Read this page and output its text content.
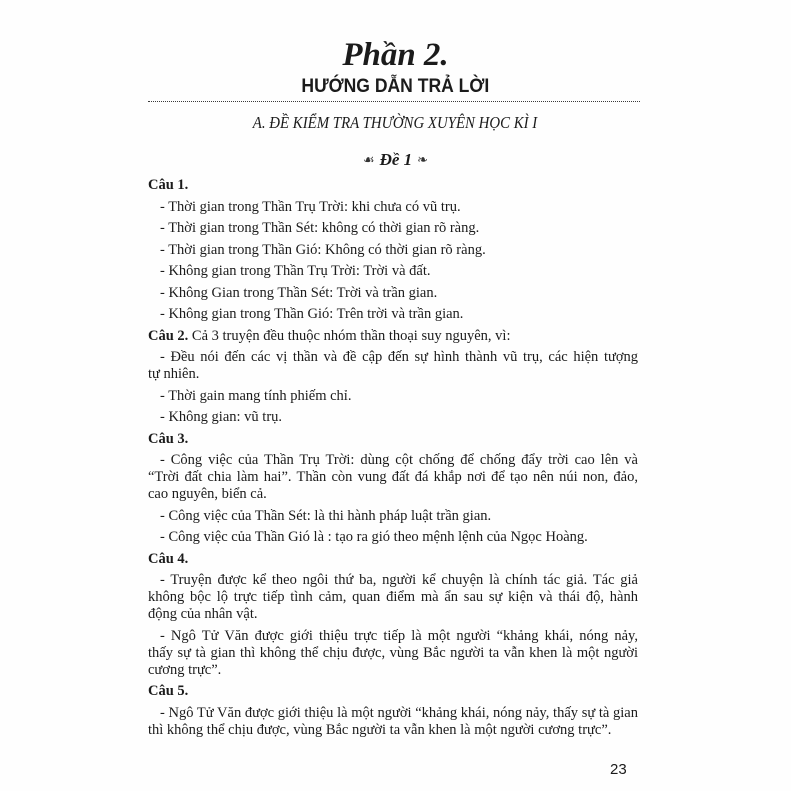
Phần 2.
HƯỚNG DẪN TRẢ LỜI
A. ĐỀ KIỂM TRA THƯỜNG XUYÊN HỌC KÌ I
☙Đề 1❧
Câu 1.
- Thời gian trong Thần Trụ Trời: khi chưa có vũ trụ.
- Thời gian trong Thần Sét: không có thời gian rõ ràng.
- Thời gian trong Thần Gió: Không có thời gian rõ ràng.
- Không gian trong Thần Trụ Trời: Trời và đất.
- Không Gian trong Thần Sét: Trời và trần gian.
- Không gian trong Thần Gió: Trên trời và trần gian.
Câu 2. Cả 3 truyện đều thuộc nhóm thần thoại suy nguyên, vì:
- Đều nói đến các vị thần và đề cập đến sự hình thành vũ trụ, các hiện tượng
tự nhiên.
- Thời gain mang tính phiếm chỉ.
- Không gian: vũ trụ.
Câu 3.
- Công việc của Thần Trụ Trời: dùng cột chống để chống đẩy trời cao lên và
“Trời đất chia làm hai”. Thần còn vung đất đá khắp nơi để tạo nên núi non, đảo,
cao nguyên, biển cả.
- Công việc của Thần Sét: là thi hành pháp luật trần gian.
- Công việc của Thần Gió là : tạo ra gió theo mệnh lệnh của Ngọc Hoàng.
Câu 4.
- Truyện được kể theo ngôi thứ ba, người kể chuyện là chính tác giả. Tác giả
không bộc lộ trực tiếp tình cảm, quan điểm mà ẩn sau sự kiện và thái độ, hành
động của nhân vật.
- Ngô Tử Văn được giới thiệu trực tiếp là một người “khảng khái, nóng nảy,
thấy sự tà gian thì không thể chịu được, vùng Bắc người ta vẫn khen là một người
cương trực”.
Câu 5.
- Ngô Tử Văn được giới thiệu là một người “khảng khái, nóng nảy, thấy sự tà gian
thì không thể chịu được, vùng Bắc người ta vẫn khen là một người cương trực”.
23
